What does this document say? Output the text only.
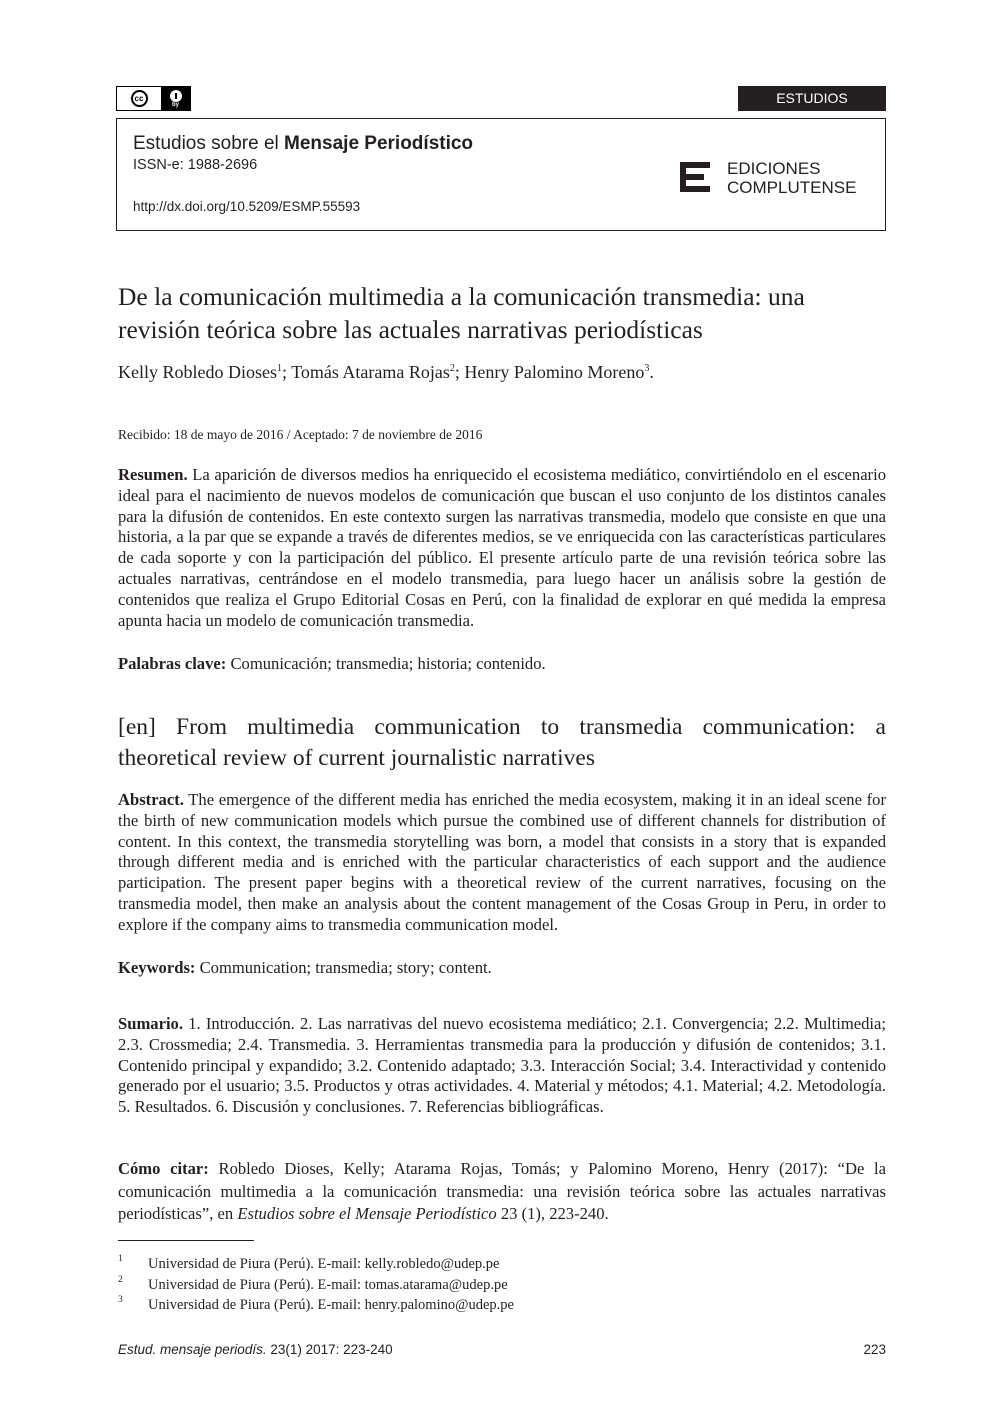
cc
by	ESTUDIOS
Estudios sobre el Mensaje Periodístico
ISSN-e: 1988-2696
http://dx.doi.org/10.5209/ESMP.55593
EDICIONES
COMPLUTENSE
De la comunicación multimedia a la comunicación transmedia: una revisión teórica sobre las actuales narrativas periodísticas
Kelly Robledo Dioses$^1$; Tomás Atarama Rojas$^2$; Henry Palomino Moreno$^3$.
Recibido: 18 de mayo de 2016 / Aceptado: 7 de noviembre de 2016
Resumen. La aparición de diversos medios ha enriquecido el ecosistema mediático, convirtiéndolo en el escenario ideal para el nacimiento de nuevos modelos de comunicación que buscan el uso conjunto de los distintos canales para la difusión de contenidos. En este contexto surgen las narrativas transmedia, modelo que consiste en que una historia, a la par que se expande a través de diferentes medios, se ve enriquecida con las características particulares de cada soporte y con la participación del público. El presente artículo parte de una revisión teórica sobre las actuales narrativas, centrándose en el modelo transmedia, para luego hacer un análisis sobre la gestión de contenidos que realiza el Grupo Editorial Cosas en Perú, con la finalidad de explorar en qué medida la empresa apunta hacia un modelo de comunicación transmedia.
Palabras clave: Comunicación; transmedia; historia; contenido.
[en] From multimedia communication to transmedia communication: a theoretical review of current journalistic narratives
Abstract. The emergence of the different media has enriched the media ecosystem, making it in an ideal scene for the birth of new communication models which pursue the combined use of different channels for distribution of content. In this context, the transmedia storytelling was born, a model that consists in a story that is expanded through different media and is enriched with the particular characteristics of each support and the audience participation. The present paper begins with a theoretical review of the current narratives, focusing on the transmedia model, then make an analysis about the content management of the Cosas Group in Peru, in order to explore if the company aims to transmedia communication model.
Keywords: Communication; transmedia; story; content.
Sumario. 1. Introducción. 2. Las narrativas del nuevo ecosistema mediático; 2.1. Convergencia; 2.2. Multimedia; 2.3. Crossmedia; 2.4. Transmedia. 3. Herramientas transmedia para la producción y difusión de contenidos; 3.1. Contenido principal y expandido; 3.2. Contenido adaptado; 3.3. Interacción Social; 3.4. Interactividad y contenido generado por el usuario; 3.5. Productos y otras actividades. 4. Material y métodos; 4.1. Material; 4.2. Metodología. 5. Resultados. 6. Discusión y conclusiones. 7. Referencias bibliográficas.
Cómo citar: Robledo Dioses, Kelly; Atarama Rojas, Tomás; y Palomino Moreno, Henry (2017): “De la comunicación multimedia a la comunicación transmedia: una revisión teórica sobre las actuales narrativas periodísticas”, en Estudios sobre el Mensaje Periodístico 23 (1), 223-240.
1 Universidad de Piura (Perú). E-mail: kelly.robledo@udep.pe
2 Universidad de Piura (Perú). E-mail: tomas.atarama@udep.pe
3 Universidad de Piura (Perú). E-mail: henry.palomino@udep.pe
Estud. mensaje periodís. 23(1) 2017: 223-240	223
